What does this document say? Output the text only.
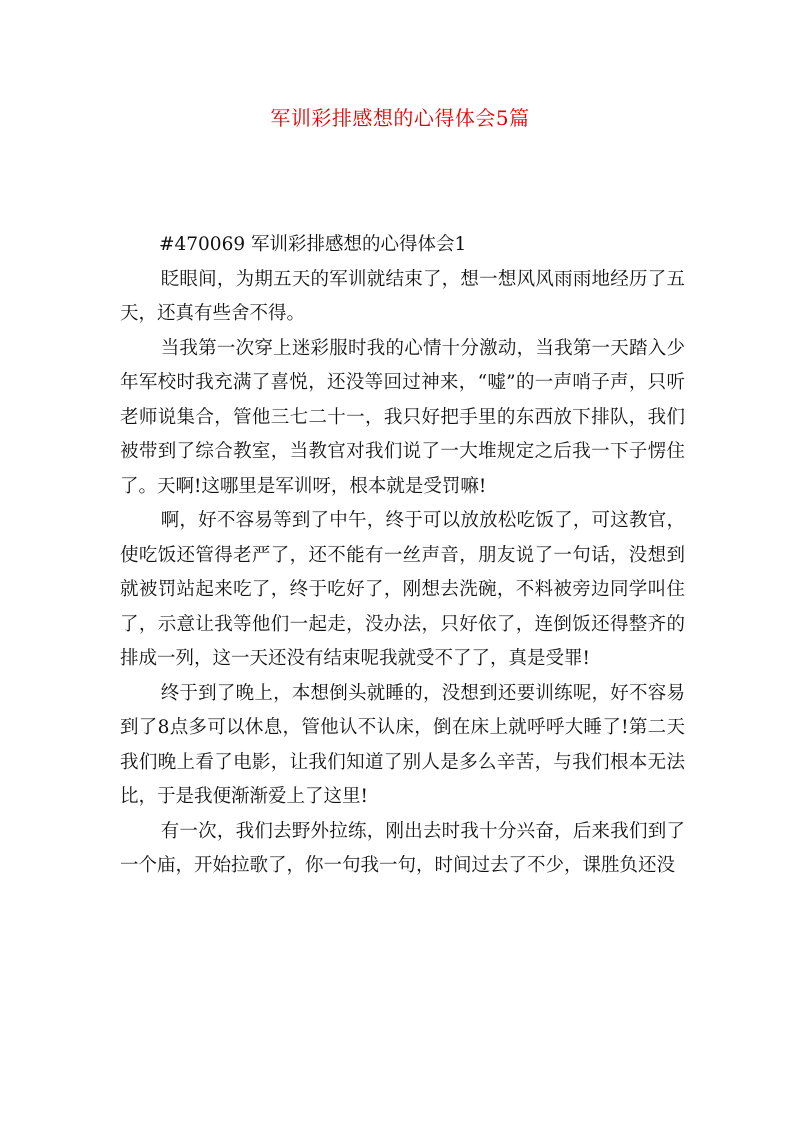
军训彩排感想的心得体会5篇

#470069 军训彩排感想的心得体会1

眨眼间，为期五天的军训就结束了，想一想风风雨雨地经历了五天，还真有些舍不得。

当我第一次穿上迷彩服时我的心情十分激动，当我第一天踏入少年军校时我充满了喜悦，还没等回过神来，“嘘”的一声哨子声，只听老师说集合，管他三七二十一，我只好把手里的东西放下排队，我们被带到了综合教室，当教官对我们说了一大堆规定之后我一下子愣住了。天啊!这哪里是军训呀，根本就是受罚嘛!

啊，好不容易等到了中午，终于可以放放松吃饭了，可这教官，使吃饭还管得老严了，还不能有一丝声音，朋友说了一句话，没想到就被罚站起来吃了，终于吃好了，刚想去洗碗，不料被旁边同学叫住了，示意让我等他们一起走，没办法，只好依了，连倒饭还得整齐的排成一列，这一天还没有结束呢我就受不了了，真是受罪!

终于到了晚上，本想倒头就睡的，没想到还要训练呢，好不容易到了8点多可以休息，管他认不认床，倒在床上就呼呼大睡了!第二天我们晚上看了电影，让我们知道了别人是多么辛苦，与我们根本无法比，于是我便渐渐爱上了这里!

有一次，我们去野外拉练，刚出去时我十分兴奋，后来我们到了一个庙，开始拉歌了，你一句我一句，时间过去了不少，课胜负还没
